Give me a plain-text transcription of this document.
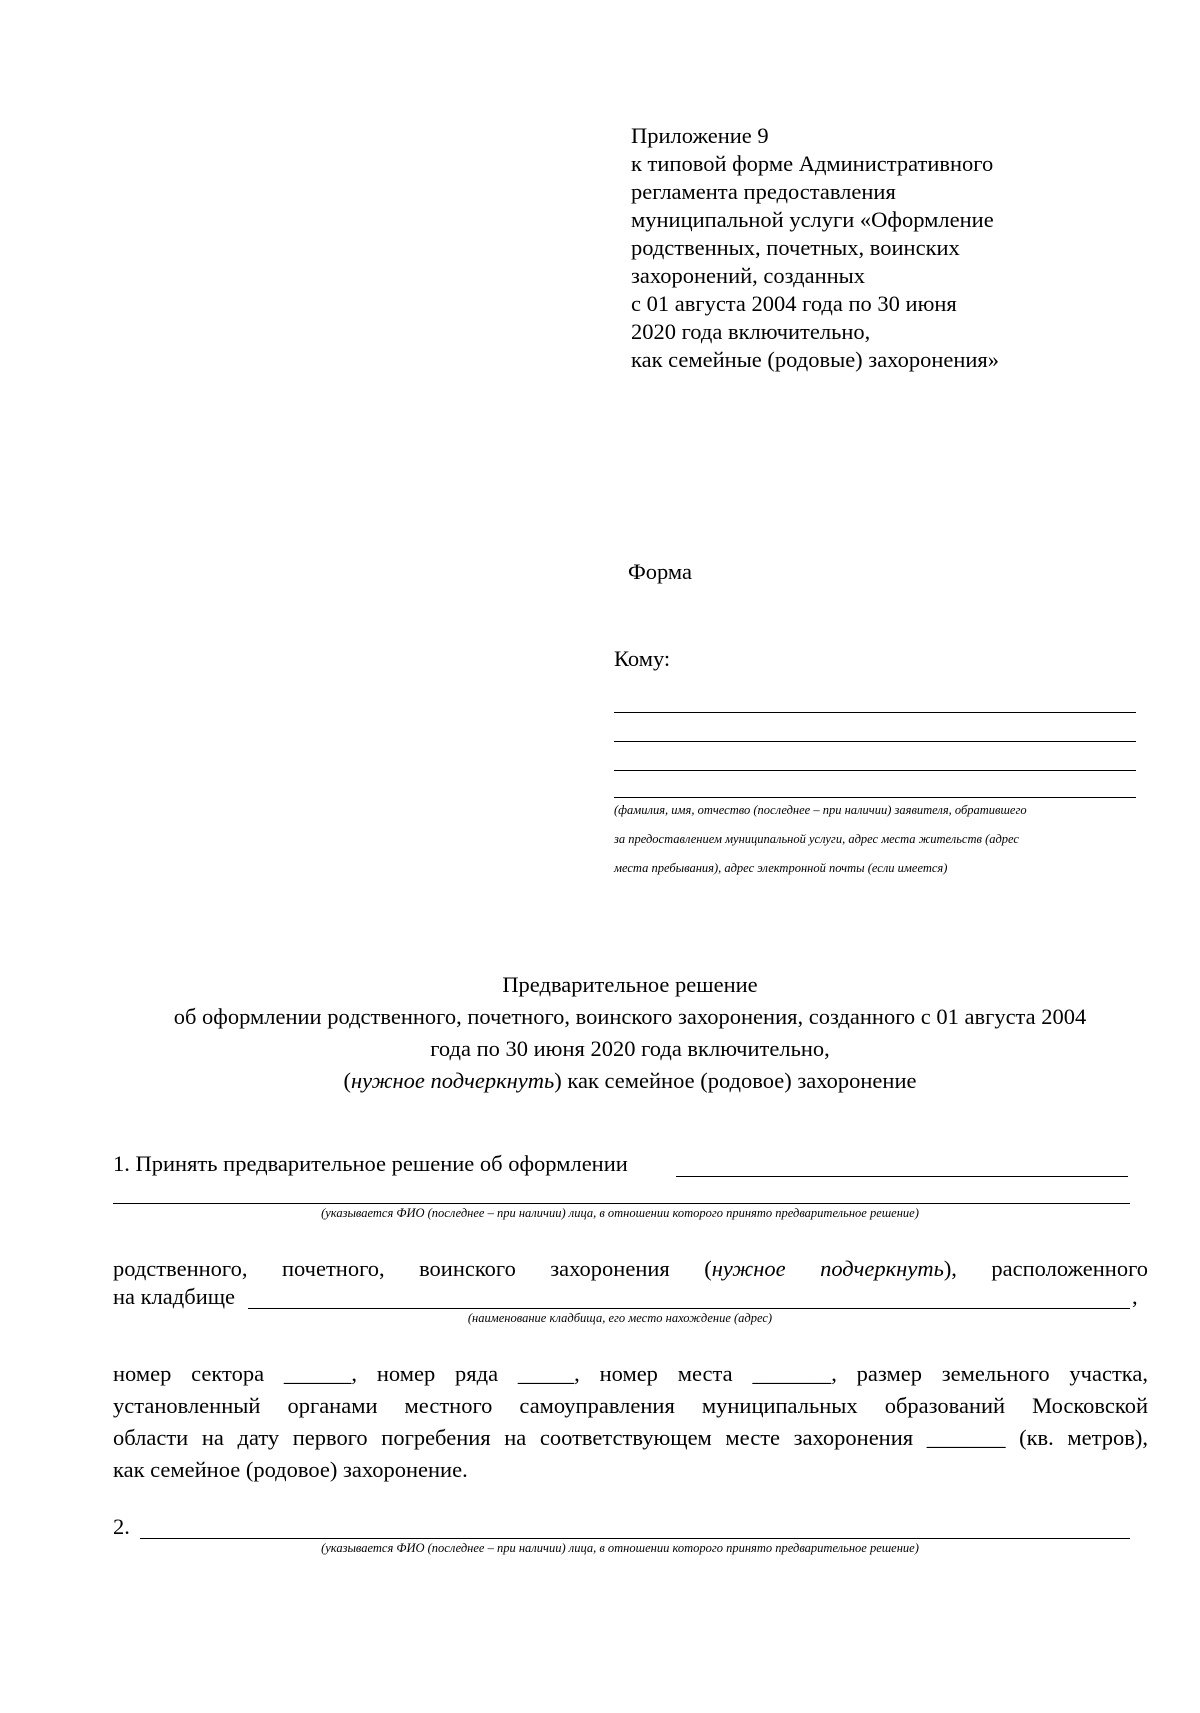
Приложение 9
к типовой форме Административного
регламента предоставления
муниципальной услуги «Оформление
родственных, почетных, воинских
захоронений, созданных
с 01 августа 2004 года по 30 июня
2020 года включительно,
как семейные (родовые) захоронения»
Форма
Кому:
(фамилия, имя, отчество (последнее – при наличии) заявителя, обратившего
за предоставлением муниципальной услуги, адрес места жительств (адрес
места пребывания), адрес электронной почты (если имеется)
Предварительное решение
об оформлении родственного, почетного, воинского захоронения, созданного с 01 августа 2004
года по 30 июня 2020 года включительно,
(нужное подчеркнуть) как семейное (родовое) захоронение
1. Принять предварительное решение об оформлении
(указывается ФИО (последнее – при наличии) лица, в отношении которого принято предварительное решение)
родственного, почетного, воинского захоронения (нужное подчеркнуть), расположенного
на кладбище	,
(наименование кладбища, его место нахождение (адрес)
номер сектора ______, номер ряда _____, номер места _______, размер земельного участка,
установленный органами местного самоуправления муниципальных образований Московской
области на дату первого погребения на соответствующем месте захоронения _______ (кв. метров),
как семейное (родовое) захоронение.
2.
(указывается ФИО (последнее – при наличии) лица, в отношении которого принято предварительное решение)
